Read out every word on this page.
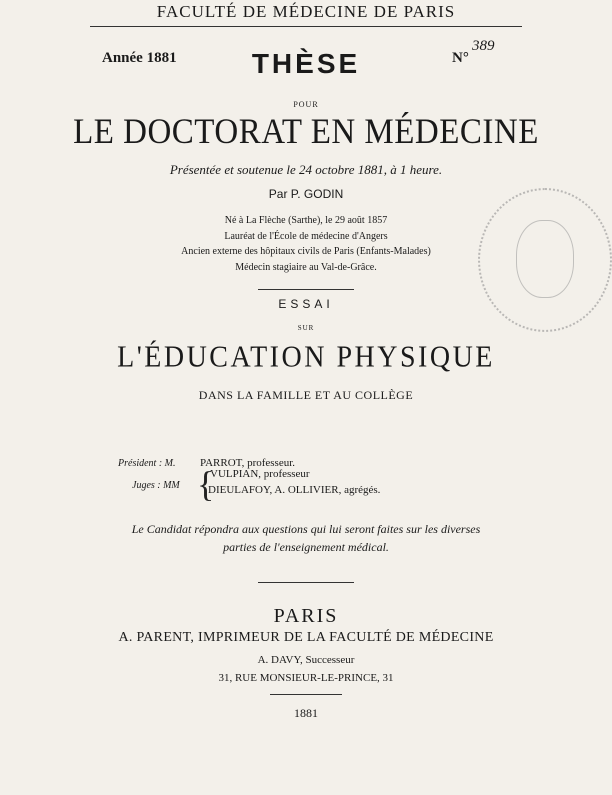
FACULTÉ DE MÉDECINE DE PARIS
Année 1881	THÈSE	N°
389
POUR
LE DOCTORAT EN MÉDECINE
Présentée et soutenue le 24 octobre 1881, à 1 heure.
Par P. GODIN
Né à La Flèche (Sarthe), le 29 août 1857
Lauréat de l'École de médecine d'Angers
Ancien externe des hôpitaux civils de Paris (Enfants-Malades)
Médecin stagiaire au Val-de-Grâce.
ESSAI
SUR
L'ÉDUCATION PHYSIQUE
DANS LA FAMILLE ET AU COLLÈGE
Président : M. PARROT, professeur.
Juges : MM {
VULPIAN, professeur
DIEULAFOY, A. OLLIVIER, agrégés.
Le Candidat répondra aux questions qui lui seront faites sur les diverses
parties de l'enseignement médical.
PARIS
A. PARENT, IMPRIMEUR DE LA FACULTÉ DE MÉDECINE
A. DAVY, Successeur
31, RUE MONSIEUR-LE-PRINCE, 31
1881
